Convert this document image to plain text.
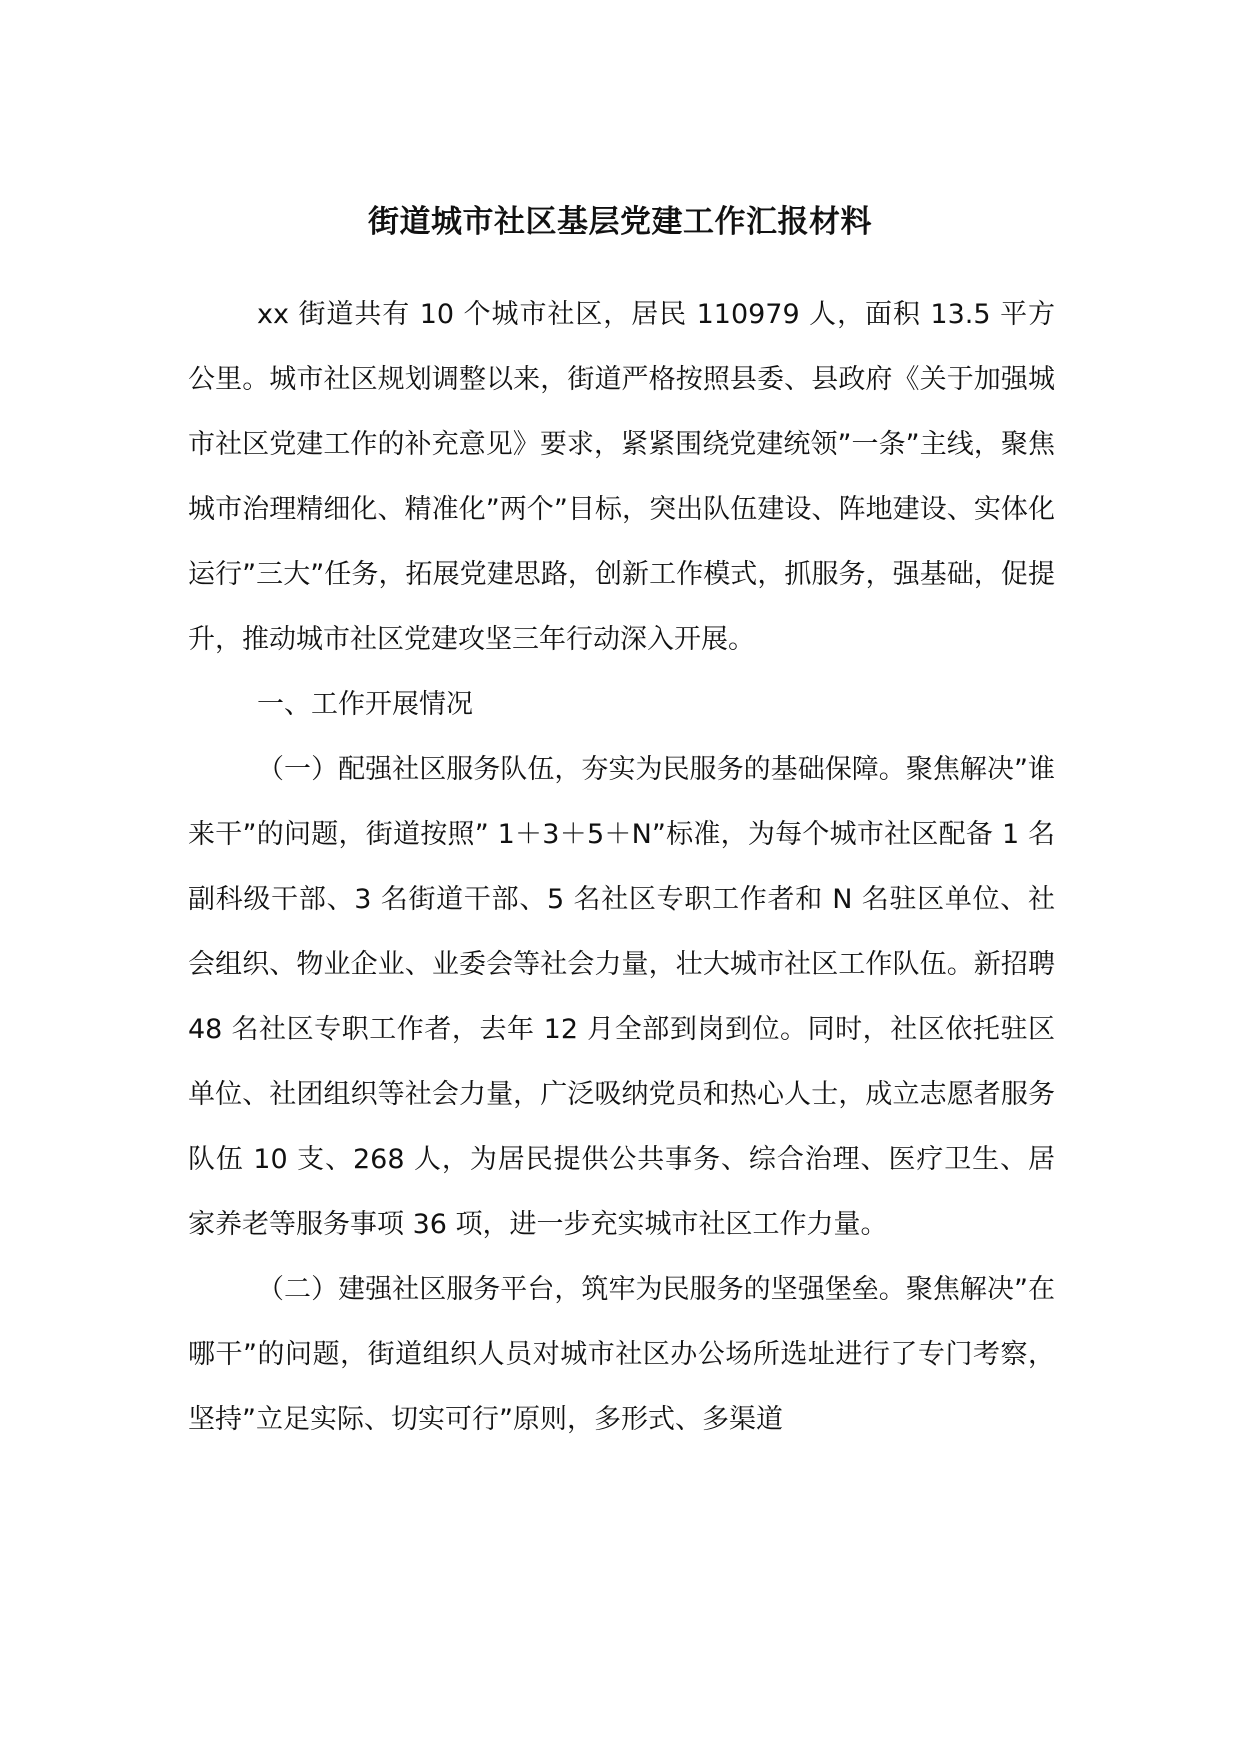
街道城市社区基层党建工作汇报材料

xx 街道共有 10 个城市社区，居民 110979 人，面积 13.5 平方公里。城市社区规划调整以来，街道严格按照县委、县政府《关于加强城市社区党建工作的补充意见》要求，紧紧围绕党建统领”一条”主线，聚焦城市治理精细化、精准化”两个”目标，突出队伍建设、阵地建设、实体化运行”三大”任务，拓展党建思路，创新工作模式，抓服务，强基础，促提升，推动城市社区党建攻坚三年行动深入开展。

一、工作开展情况

（一）配强社区服务队伍，夯实为民服务的基础保障。聚焦解决”谁来干”的问题，街道按照” 1＋3＋5＋N”标准，为每个城市社区配备 1 名副科级干部、3 名街道干部、5 名社区专职工作者和 N 名驻区单位、社会组织、物业企业、业委会等社会力量，壮大城市社区工作队伍。新招聘 48 名社区专职工作者，去年 12 月全部到岗到位。同时，社区依托驻区单位、社团组织等社会力量，广泛吸纳党员和热心人士，成立志愿者服务队伍 10 支、268 人，为居民提供公共事务、综合治理、医疗卫生、居家养老等服务事项 36 项，进一步充实城市社区工作力量。

（二）建强社区服务平台，筑牢为民服务的坚强堡垒。聚焦解决”在哪干”的问题，街道组织人员对城市社区办公场所选址进行了专门考察，坚持”立足实际、切实可行”原则，多形式、多渠道
